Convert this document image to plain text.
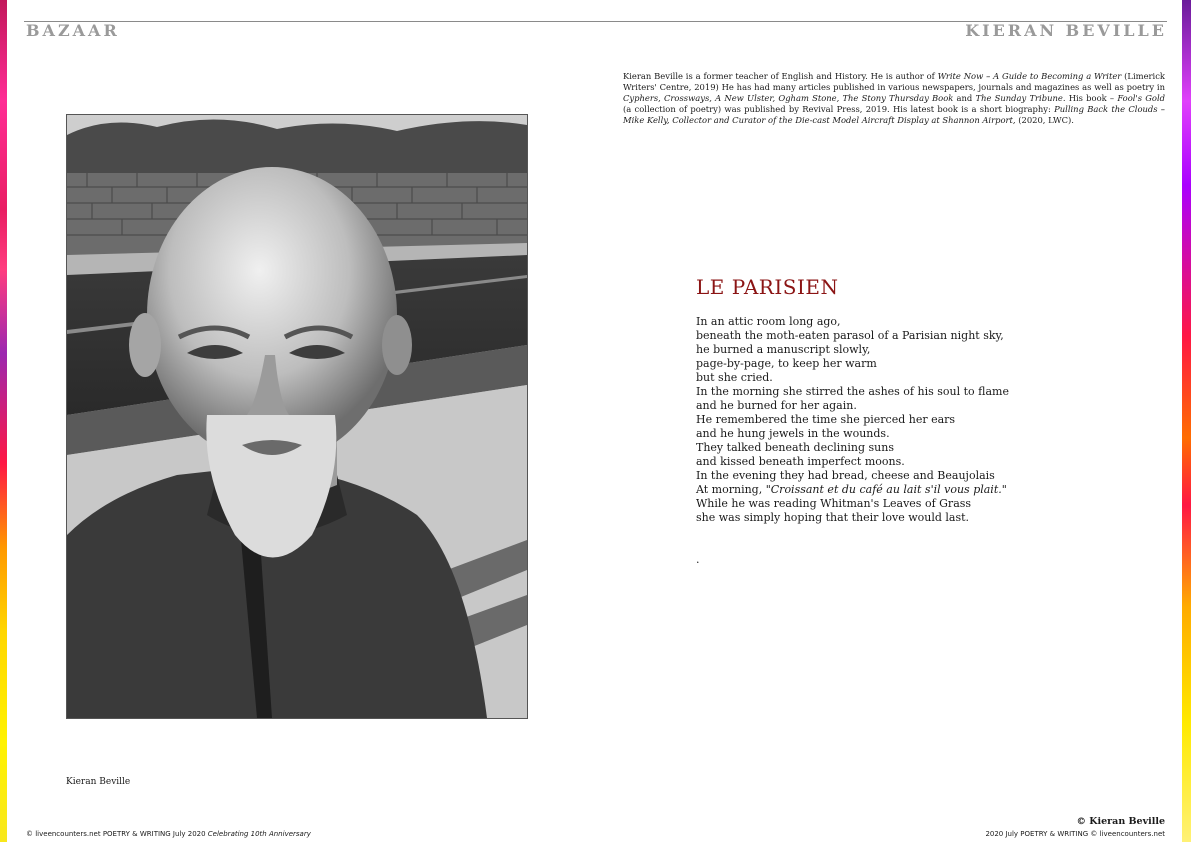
BAZAAR	KIERAN BEVILLE
Kieran Beville is a former teacher of English and History. He is author of Write Now – A Guide to Becoming a Writer (Limerick Writers' Centre, 2019) He has had many articles published in various newspapers, journals and magazines as well as poetry in Cyphers, Crossways, A New Ulster, Ogham Stone, The Stony Thursday Book and The Sunday Tribune. His book – Fool's Gold (a collection of poetry) was published by Revival Press, 2019. His latest book is a short biography: Pulling Back the Clouds – Mike Kelly, Collector and Curator of the Die-cast Model Aircraft Display at Shannon Airport, (2020, LWC).
Kieran Beville
LE PARISIEN
In an attic room long ago,
beneath the moth-eaten parasol of a Parisian night sky,
he burned a manuscript slowly,
page-by-page, to keep her warm
but she cried.
In the morning she stirred the ashes of his soul to flame
and he burned for her again.
He remembered the time she pierced her ears
and he hung jewels in the wounds.
They talked beneath declining suns
and kissed beneath imperfect moons.
In the evening they had bread, cheese and Beaujolais
At morning, "Croissant et du café au lait s'il vous plait."
While he was reading Whitman's Leaves of Grass
she was simply hoping that their love would last.
.
© liveencounters.net POETRY & WRITING July 2020 Celebrating 10th Anniversary
© Kieran Beville
2020 July POETRY & WRITING © liveencounters.net
